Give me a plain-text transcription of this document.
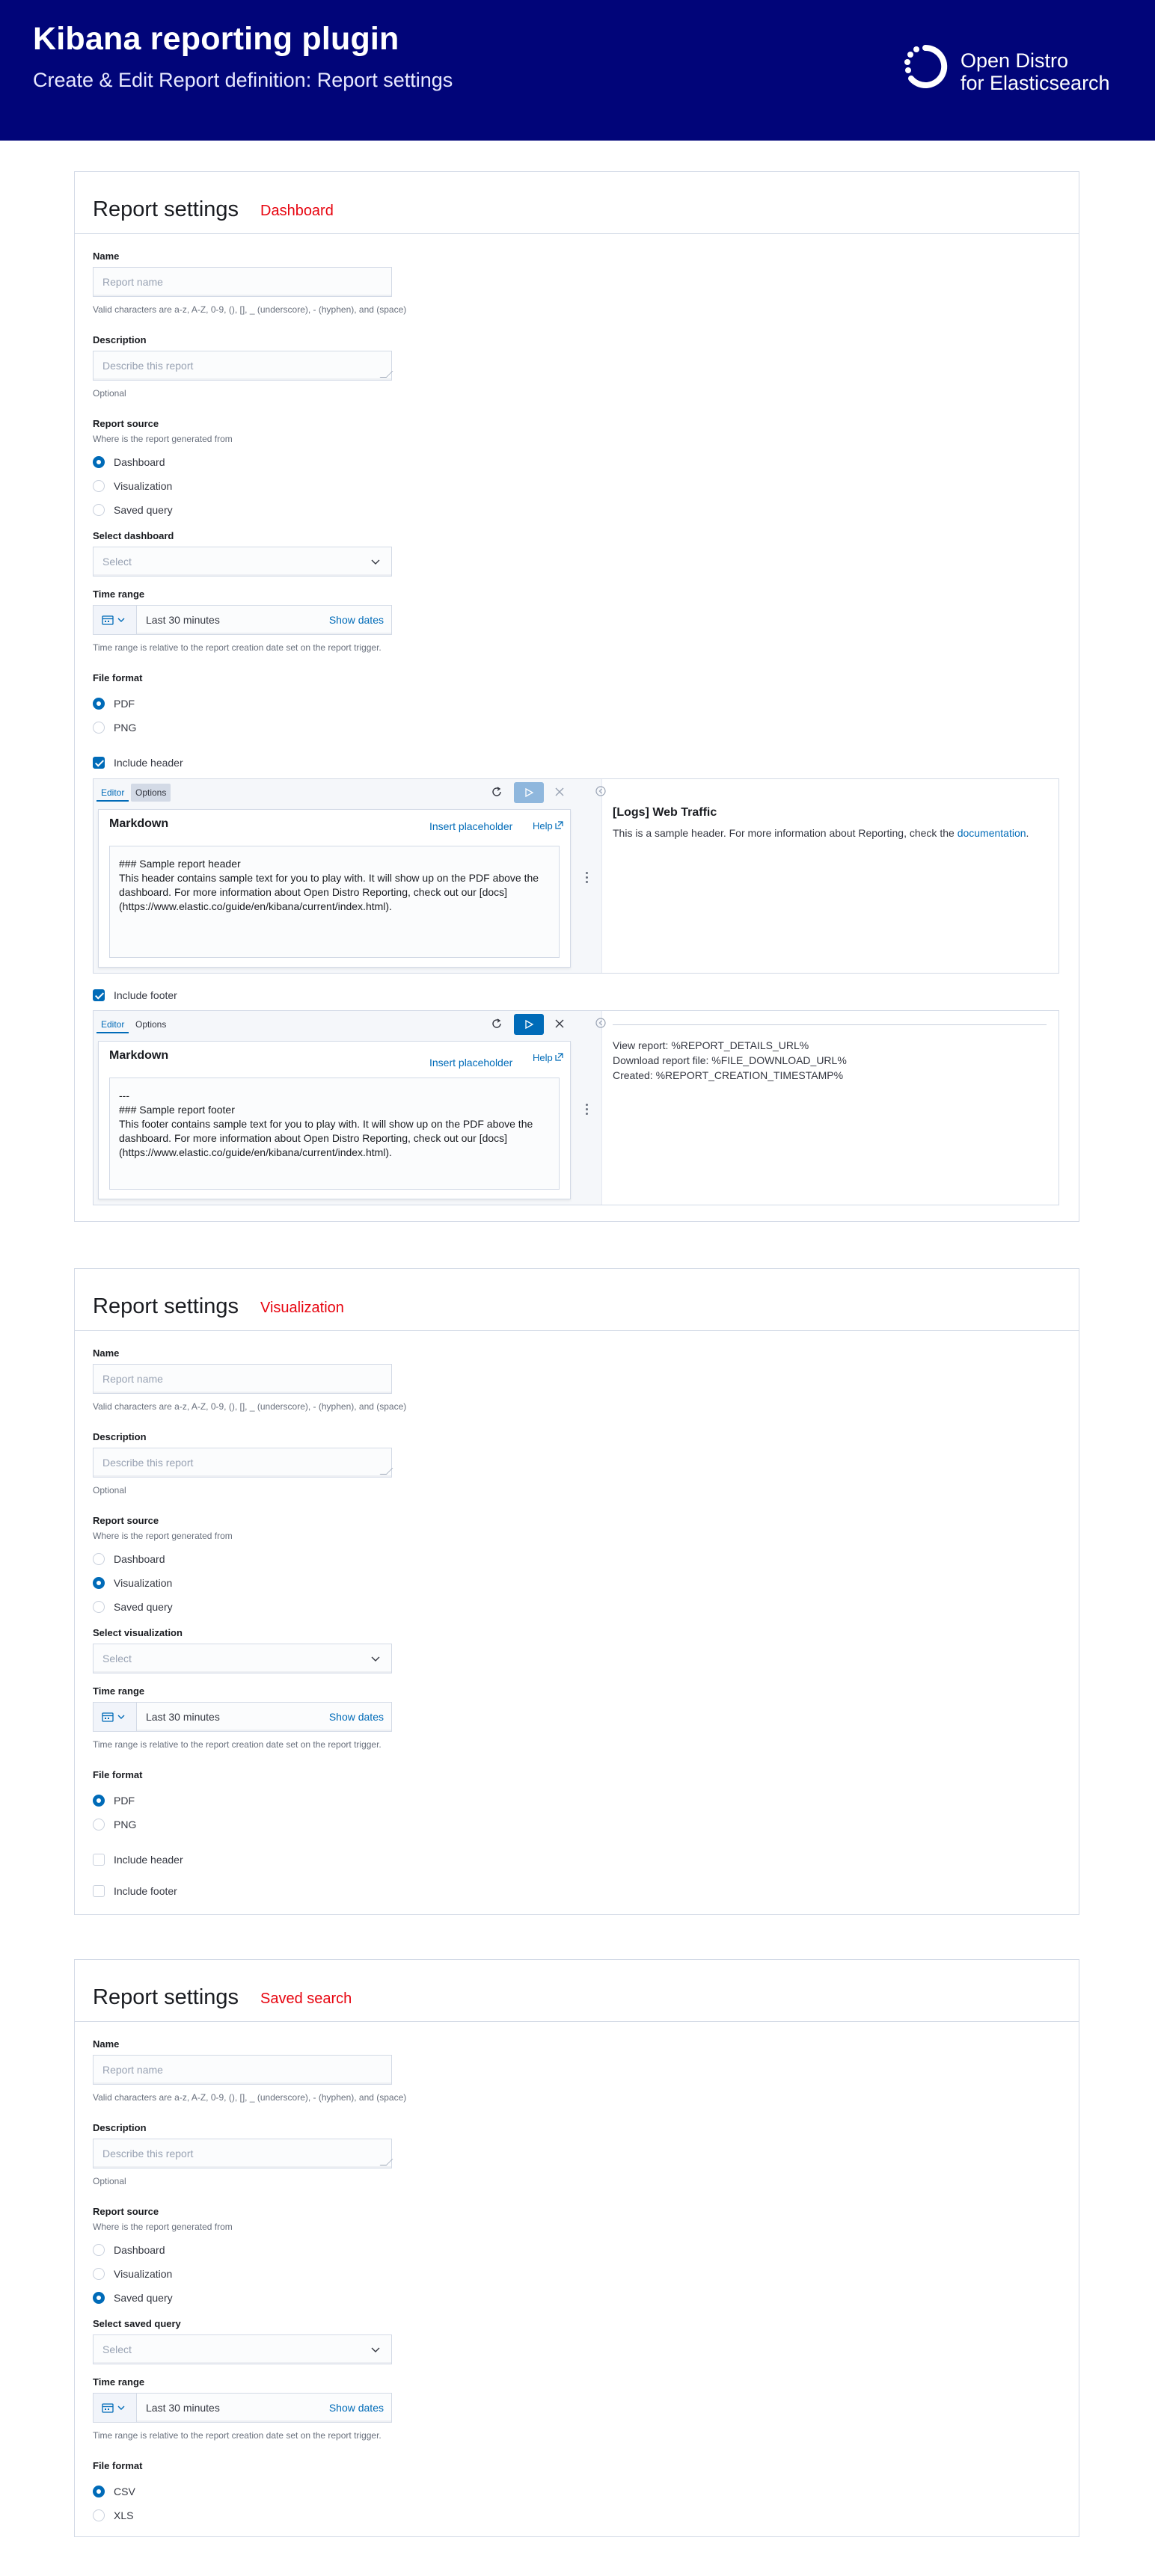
Kibana reporting plugin
Create & Edit Report definition: Report settings
Open Distro
for Elasticsearch
Report settings Dashboard
Name
Report name
Valid characters are a-z, A-Z, 0-9, (), [], _ (underscore), - (hyphen), and (space)
Description
Describe this report
Optional
Report source
Where is the report generated from
Dashboard
Visualization
Saved query
Select dashboard
Select
Time range
Last 30 minutes	Show dates
Time range is relative to the report creation date set on the report trigger.
File format
PDF
PNG
Include header
Editor	Options
Markdown	Insert placeholder Help
### Sample report header
This header contains sample text for you to play with. It will show up on the PDF above the dashboard. For more information about Open Distro Reporting, check out our [docs](https://www.elastic.co/guide/en/kibana/current/index.html).
[Logs] Web Traffic
This is a sample header. For more information about Reporting, check the documentation.
Include footer
Editor	Options
Markdown
Insert placeholder Help
---
### Sample report footer
This footer contains sample text for you to play with. It will show up on the PDF above the dashboard. For more information about Open Distro Reporting, check out our [docs](https://www.elastic.co/guide/en/kibana/current/index.html).
View report: %REPORT_DETAILS_URL%
Download report file: %FILE_DOWNLOAD_URL%
Created: %REPORT_CREATION_TIMESTAMP%
Report settings Visualization
Name
Report name
Valid characters are a-z, A-Z, 0-9, (), [], _ (underscore), - (hyphen), and (space)
Description
Describe this report
Optional
Report source
Where is the report generated from
Dashboard
Visualization
Saved query
Select visualization
Select
Time range
Last 30 minutes	Show dates
Time range is relative to the report creation date set on the report trigger.
File format
PDF
PNG
Include header
Include footer
Report settings Saved search
Name
Report name
Valid characters are a-z, A-Z, 0-9, (), [], _ (underscore), - (hyphen), and (space)
Description
Describe this report
Optional
Report source
Where is the report generated from
Dashboard
Visualization
Saved query
Select saved query
Select
Time range
Last 30 minutes	Show dates
Time range is relative to the report creation date set on the report trigger.
File format
CSV
XLS
